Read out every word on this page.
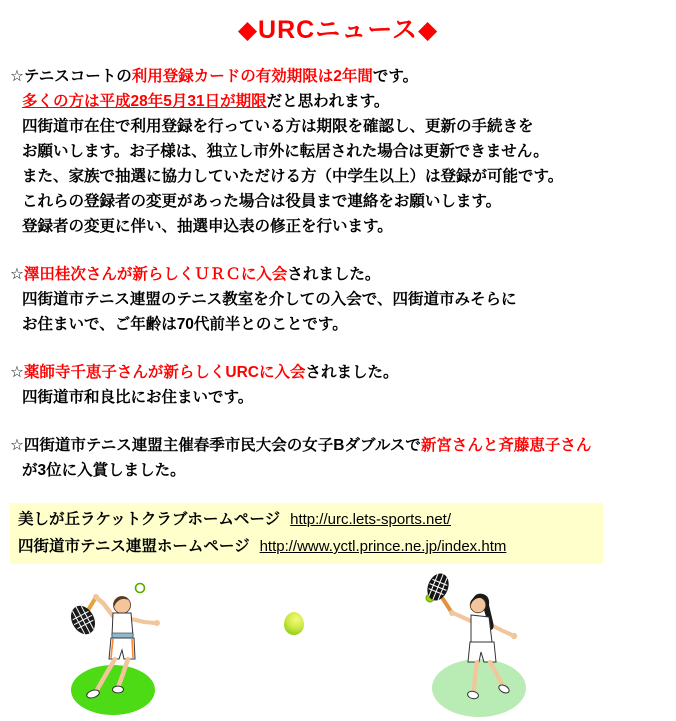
◆URCニュース◆

☆テニスコートの利用登録カードの有効期限は2年間です。

多くの方は平成28年5月31日が期限だと思われます。

四街道市在住で利用登録を行っている方は期限を確認し、更新の手続きを

お願いします。お子様は、独立し市外に転居された場合は更新できません。

また、家族で抽選に協力していただける方（中学生以上）は登録が可能です。

これらの登録者の変更があった場合は役員まで連絡をお願いします。

登録者の変更に伴い、抽選申込表の修正を行います。

☆澤田桂次さんが新らしくＵＲＣに入会されました。

四街道市テニス連盟のテニス教室を介しての入会で、四街道市みそらに

お住まいで、ご年齢は70代前半とのことです。

☆薬師寺千恵子さんが新らしくURCに入会されました。

四街道市和良比にお住まいです。

☆四街道市テニス連盟主催春季市民大会の女子Bダブルスで新宮さんと斉藤恵子さん

が3位に入賞しました。

美しが丘ラケットクラブホームページ http://urc.lets-sports.net/

四街道市テニス連盟ホームページ http://www.yctl.prince.ne.jp/index.htm
